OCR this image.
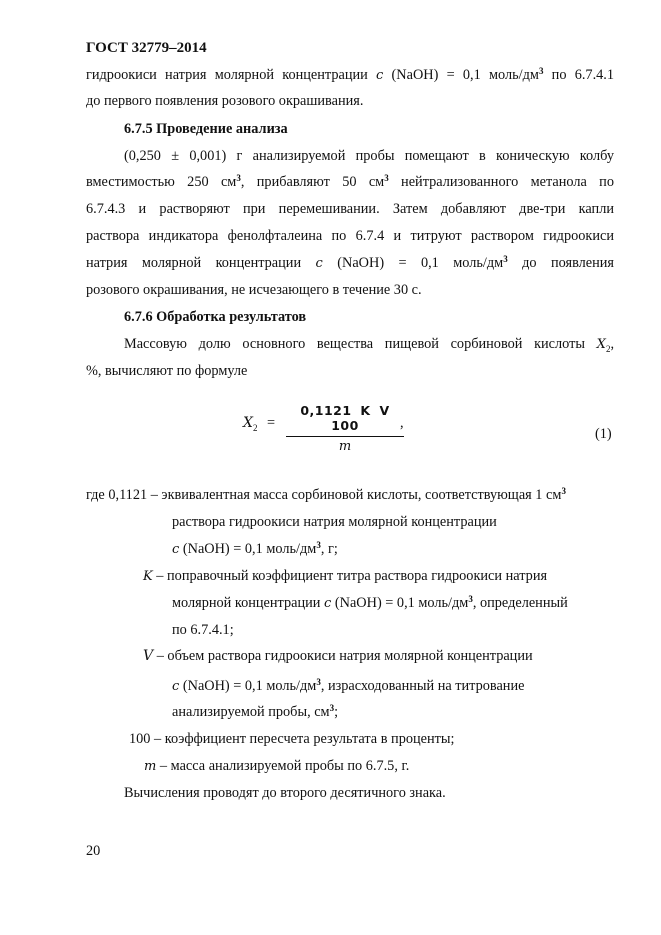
ГОСТ 32779–2014
гидроокиси натрия молярной концентрации c (NaOH) = 0,1 моль/$дм^3$ по 6.7.4.1
до первого появления розового окрашивания.
6.7.5 Проведение анализа
(0,250 ± 0,001) г анализируемой пробы помещают в коническую колбу
вместимостью 250 $см^3$, прибавляют 50 $см^3$ нейтрализованного метанола по
6.7.4.3 и растворяют при перемешивании. Затем добавляют две-три капли
раствора индикатора фенолфталеина по 6.7.4 и титруют раствором гидроокиси
натрия молярной концентрации c (NaOH) = 0,1 моль/$дм^3$ до появления
розового окрашивания, не исчезающего в течение 30 с.
6.7.6 Обработка результатов
Массовую долю основного вещества пищевой сорбиновой кислоты $X_2$,
%, вычисляют по формуле
$X_2$ =
0,1121 K V 100
m
,
(1)
где 0,1121 – эквивалентная масса сорбиновой кислоты, соответствующая 1 $см^3$
раствора гидроокиси натрия молярной концентрации
c (NaOH) = 0,1 моль/$дм^3$, г;
K – поправочный коэффициент титра раствора гидроокиси натрия
молярной концентрации c (NaOH) = 0,1 моль/$дм^3$, определенный
по 6.7.4.1;
V – объем раствора гидроокиси натрия молярной концентрации
c (NaOH) = 0,1 моль/$дм^3$, израсходованный на титрование
анализируемой пробы, $см^3$;
100 – коэффициент пересчета результата в проценты;
m – масса анализируемой пробы по 6.7.5, г.
Вычисления проводят до второго десятичного знака.
20
